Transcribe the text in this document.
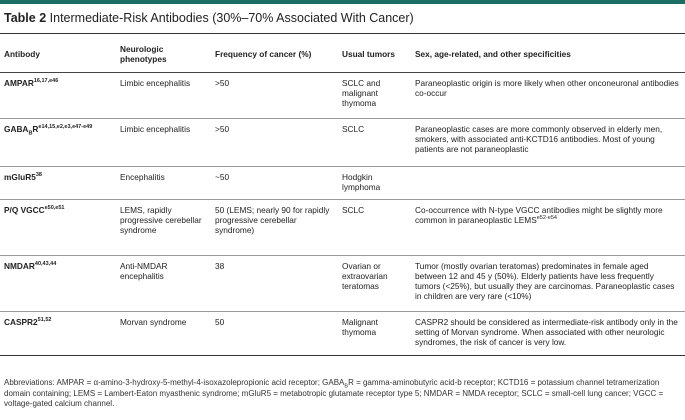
Table 2 Intermediate-Risk Antibodies (30%–70% Associated With Cancer)
Antibody	Neurologic phenotypes	Frequency of cancer (%)	Usual tumors	Sex, age-related, and other specificities
$AMPAR^{16,17,e46}$	Limbic encephalitis	>50	SCLC and malignant thymoma	Paraneoplastic origin is more likely when other onconeuronal antibodies co-occur
$GABA_BR^{e14,15,e2,e3,e47-e49}$	Limbic encephalitis	>50	SCLC	Paraneoplastic cases are more commonly observed in elderly men, smokers, with associated anti-KCTD16 antibodies. Most of young patients are not paraneoplastic
$mGluR5^{38}$	Encephalitis	~50	Hodgkin lymphoma	
P/Q $VGCC^{e50,e51}$	LEMS, rapidly progressive cerebellar syndrome	50 (LEMS; nearly 90 for rapidly progressive cerebellar syndrome)	SCLC	Co-occurrence with N-type VGCC antibodies might be slightly more common in paraneoplastic $LEMS^{e52-e54}$
NMDAR$^{40,43,44}$	Anti-NMDAR encephalitis	38	Ovarian or extraovarian teratomas	Tumor (mostly ovarian teratomas) predominates in female aged between 12 and 45 y (50%). Elderly patients have less frequently tumors (<25%), but usually they are carcinomas. Paraneoplastic cases in children are very rare (<10%)
CASPR2$^{51,52}$	Morvan syndrome	50	Malignant thymoma	CASPR2 should be considered as intermediate-risk antibody only in the setting of Morvan syndrome. When associated with other neurologic syndromes, the risk of cancer is very low.

Abbreviations: AMPAR = α-amino-3-hydroxy-5-methyl-4-isoxazolepropionic acid receptor; $GABA_BR$ = gamma-aminobutyric acid-b receptor; KCTD16 = potassium channel tetramerization domain containing; LEMS = Lambert-Eaton myasthenic syndrome; mGluR5 = metabotropic glutamate receptor type 5; NMDAR = NMDA receptor; SCLC = small-cell lung cancer; VGCC = voltage-gated calcium channel.
